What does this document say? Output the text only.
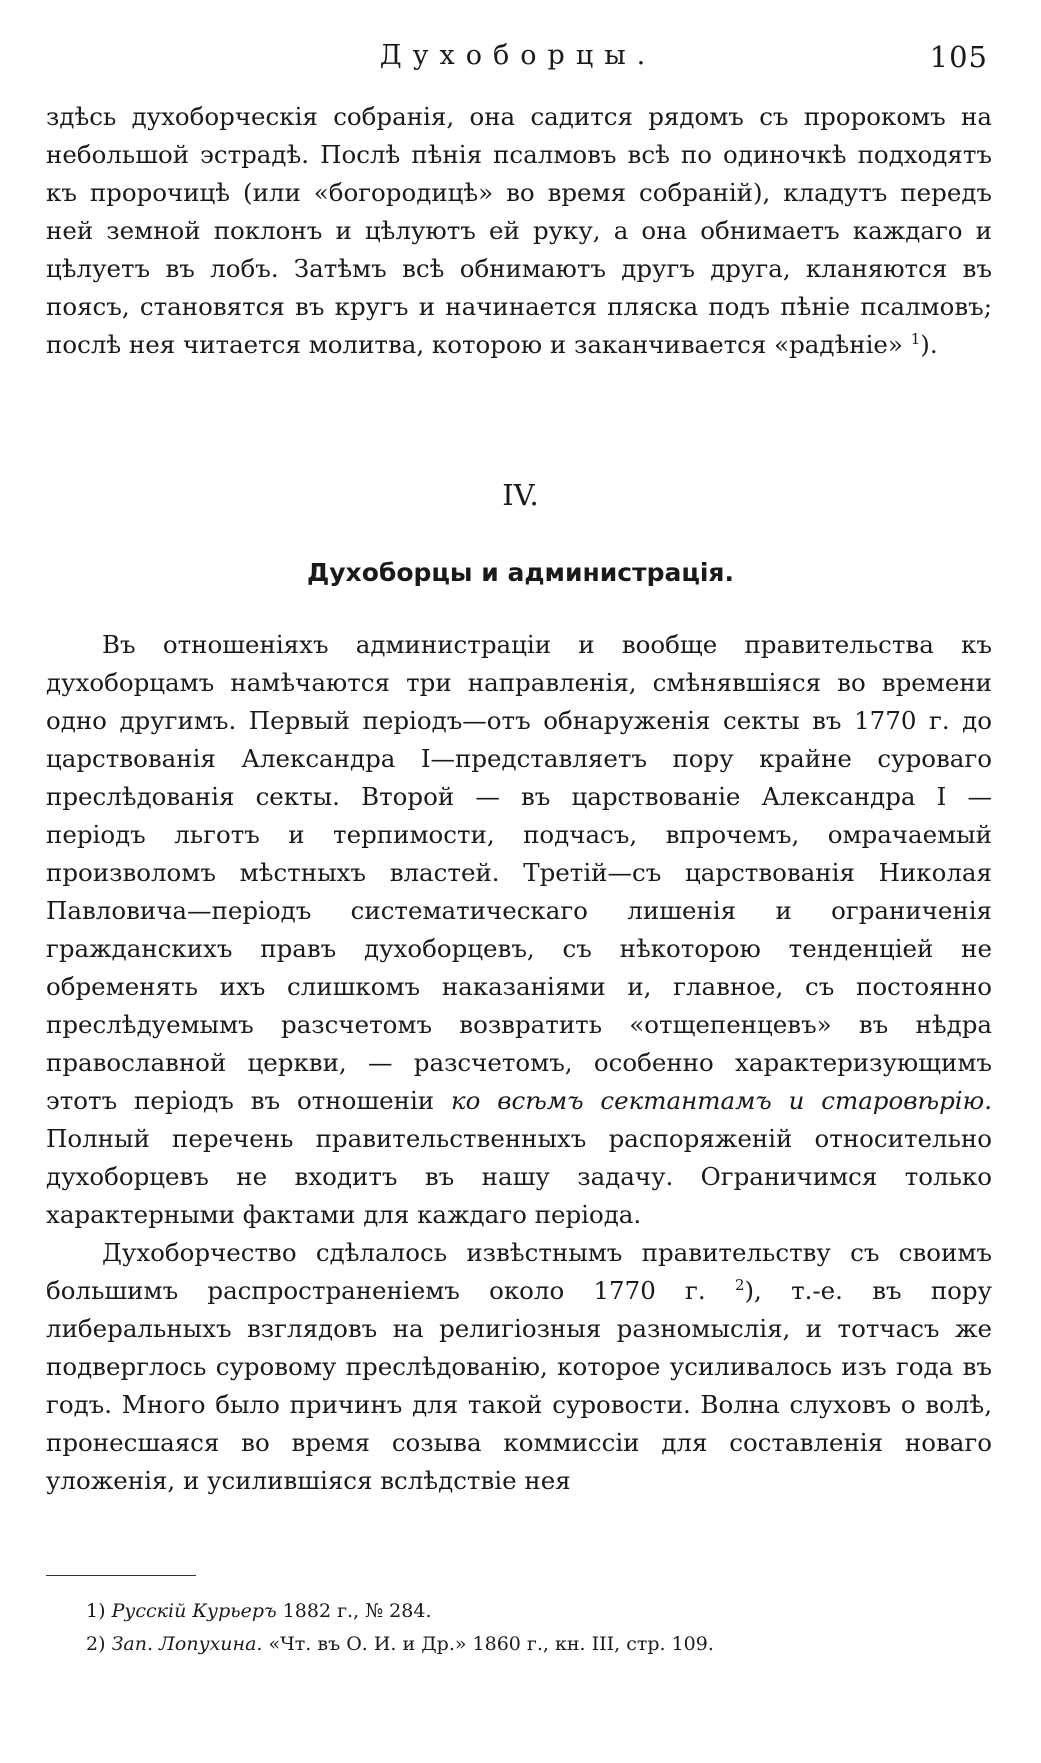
Духоборцы.	105

здѣсь духоборческія собранія, она садится рядомъ съ пророкомъ на небольшой эстрадѣ. Послѣ пѣнія псалмовъ всѣ по одиночкѣ подходятъ къ пророчицѣ (или «богородицѣ» во время собраній), кладутъ передъ ней земной поклонъ и цѣлуютъ ей руку, а она обнимаетъ каждаго и цѣлуетъ въ лобъ. Затѣмъ всѣ обнимаютъ другъ друга, кланяются въ поясъ, становятся въ кругъ и начинается пляска подъ пѣніе псалмовъ; послѣ нея читается молитва, которою и заканчивается «радѣніе» $^1$).

IV.
Духоборцы и администрація.

Въ отношеніяхъ администраціи и вообще правительства къ духоборцамъ намѣчаются три направленія, смѣнявшіяся во времени одно другимъ. Первый періодъ—отъ обнаруженія секты въ 1770 г. до царствованія Александра I—представляетъ пору крайне суроваго преслѣдованія секты. Второй — въ царствованіе Александра I — періодъ льготъ и терпимости, подчасъ, впрочемъ, омрачаемый произволомъ мѣстныхъ властей. Третій—съ царствованія Николая Павловича—періодъ систематическаго лишенія и ограниченія гражданскихъ правъ духоборцевъ, съ нѣкоторою тенденціей не обременять ихъ слишкомъ наказаніями и, главное, съ постоянно преслѣдуемымъ разсчетомъ возвратить «отщепенцевъ» въ нѣдра православной церкви, — разсчетомъ, особенно характеризующимъ этотъ періодъ въ отношеніи ко всѣмъ сектантамъ и старовѣрію. Полный перечень правительственныхъ распоряженій относительно духоборцевъ не входитъ въ нашу задачу. Ограничимся только характерными фактами для каждаго періода.

Духоборчество сдѣлалось извѣстнымъ правительству съ своимъ большимъ распространеніемъ около 1770 г. $^2$), т.-е. въ пору либеральныхъ взглядовъ на религіозныя разномыслія, и тотчасъ же подверглось суровому преслѣдованію, которое усиливалось изъ года въ годъ. Много было причинъ для такой суровости. Волна слуховъ о волѣ, пронесшаяся во время созыва коммиссіи для составленія новаго уложенія, и усилившіяся вслѣдствіе нея

1) Русскій Курьеръ 1882 г., № 284.
2) Зап. Лопухина. «Чт. въ О. И. и Др.» 1860 г., кн. III, стр. 109.
